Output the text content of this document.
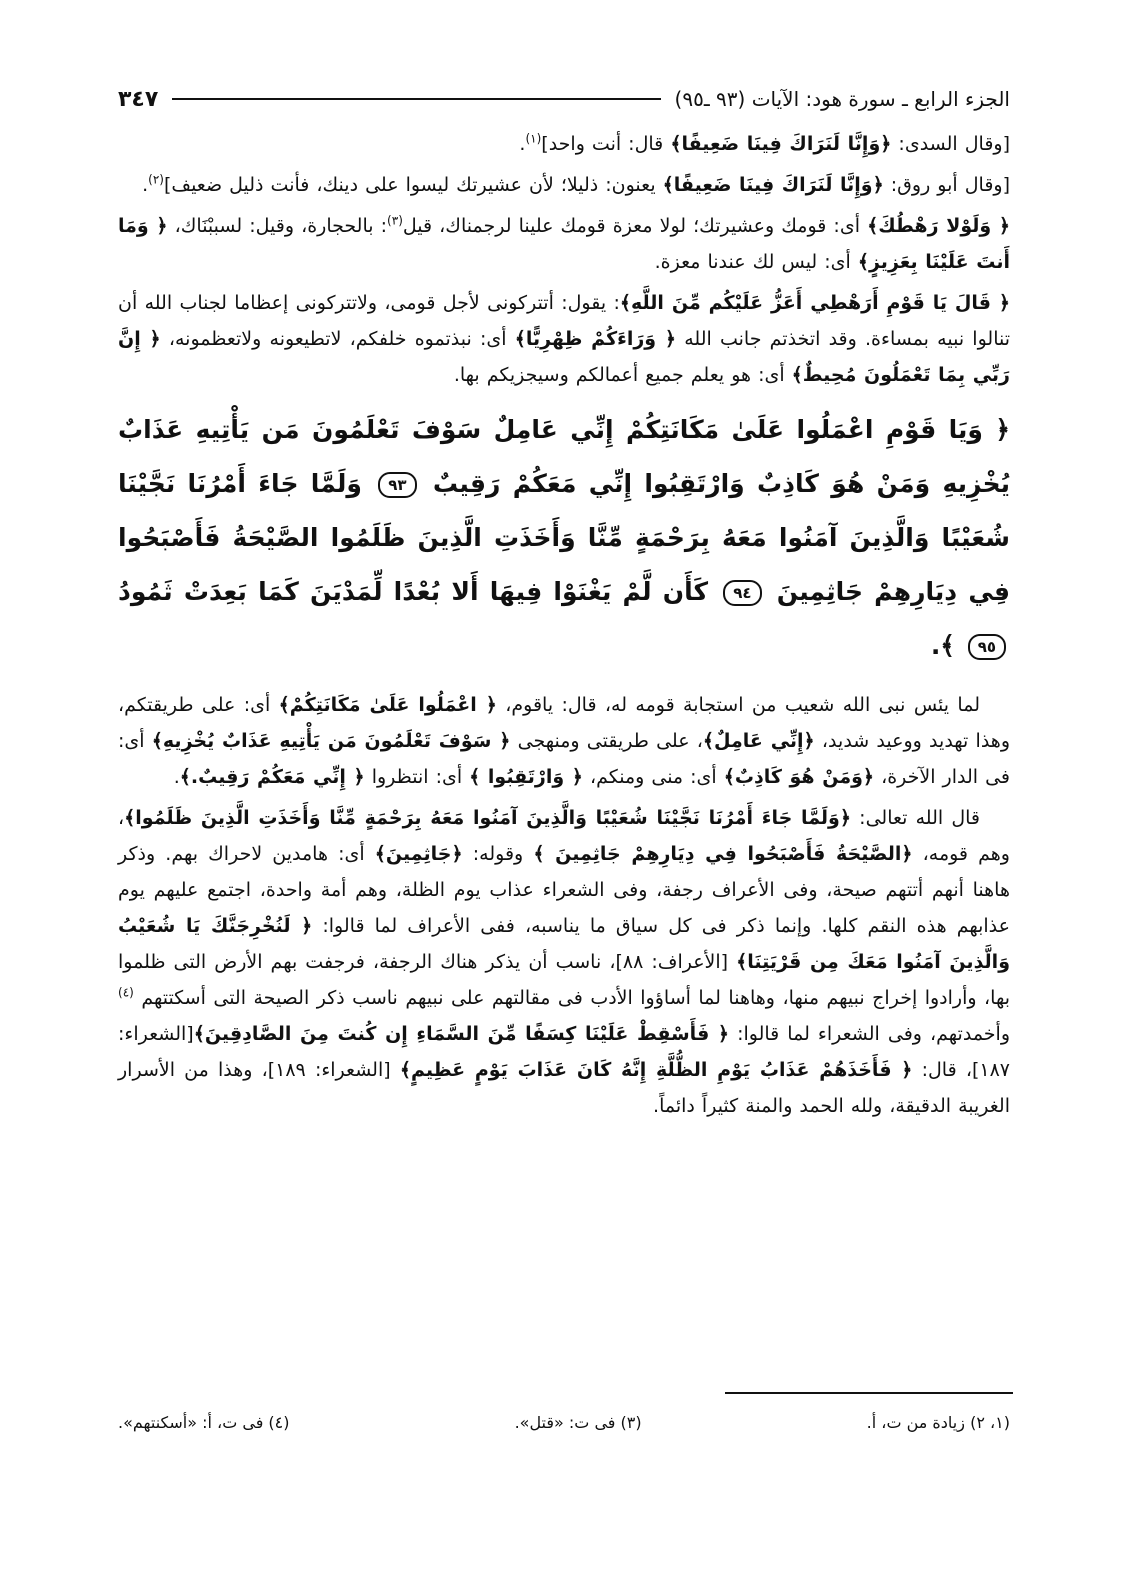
الجزء الرابع ـ سورة هود: الآيات (٩٣ ـ٩٥)
٣٤٧

[وقال السدى: ﴿وَإِنَّا لَنَرَاكَ فِينَا ضَعِيفًا﴾ قال: أنت واحد]$^{(١)}$.

[وقال أبو روق: ﴿وَإِنَّا لَنَرَاكَ فِينَا ضَعِيفًا﴾ يعنون: ذليلا؛ لأن عشيرتك ليسوا على دينك، فأنت ذليل ضعيف]$^{(٢)}$.

﴿ وَلَوْلا رَهْطُكَ﴾ أى: قومك وعشيرتك؛ لولا معزة قومك علينا لرجمناك، قيل$^{(٣)}$: بالحجارة، وقيل: لسببْنَاك، ﴿ وَمَا أَنتَ عَلَيْنَا بِعَزِيزٍ﴾ أى: ليس لك عندنا معزة.

﴿ قَالَ يَا قَوْمِ أَرَهْطِي أَعَزُّ عَلَيْكُم مِّنَ اللَّهِ﴾: يقول: أتتركونى لأجل قومى، ولاتتركونى إعظاما لجناب الله أن تنالوا نبيه بمساءة. وقد اتخذتم جانب الله ﴿ وَرَاءَكُمْ ظِهْرِيًّا﴾ أى: نبذتموه خلفكم، لاتطيعونه ولاتعظمونه، ﴿ إِنَّ رَبِّي بِمَا تَعْمَلُونَ مُحِيطٌ﴾ أى: هو يعلم جميع أعمالكم وسيجزيكم بها.

﴿ وَيَا قَوْمِ اعْمَلُوا عَلَىٰ مَكَانَتِكُمْ إِنِّي عَامِلٌ سَوْفَ تَعْلَمُونَ مَن يَأْتِيهِ عَذَابٌ يُخْزِيهِ وَمَنْ هُوَ كَاذِبٌ وَارْتَقِبُوا إِنِّي مَعَكُمْ رَقِيبٌ ٩٣ وَلَمَّا جَاءَ أَمْرُنَا نَجَّيْنَا شُعَيْبًا وَالَّذِينَ آمَنُوا مَعَهُ بِرَحْمَةٍ مِّنَّا وَأَخَذَتِ الَّذِينَ ظَلَمُوا الصَّيْحَةُ فَأَصْبَحُوا فِي دِيَارِهِمْ جَاثِمِينَ ٩٤ كَأَن لَّمْ يَغْنَوْا فِيهَا أَلا بُعْدًا لِّمَدْيَنَ كَمَا بَعِدَتْ ثَمُودُ ٩٥ ﴾.

لما يئس نبى الله شعيب من استجابة قومه له، قال: ياقوم، ﴿ اعْمَلُوا عَلَىٰ مَكَانَتِكُمْ﴾ أى: على طريقتكم، وهذا تهديد ووعيد شديد، ﴿إِنِّي عَامِلٌ﴾، على طريقتى ومنهجى ﴿ سَوْفَ تَعْلَمُونَ مَن يَأْتِيهِ عَذَابٌ يُخْزِيهِ﴾ أى: فى الدار الآخرة، ﴿وَمَنْ هُوَ كَاذِبٌ﴾ أى: منى ومنكم، ﴿ وَارْتَقِبُوا ﴾ أى: انتظروا ﴿ إِنِّي مَعَكُمْ رَقِيبٌ.﴾.

قال الله تعالى: ﴿وَلَمَّا جَاءَ أَمْرُنَا نَجَّيْنَا شُعَيْبًا وَالَّذِينَ آمَنُوا مَعَهُ بِرَحْمَةٍ مِّنَّا وَأَخَذَتِ الَّذِينَ ظَلَمُوا﴾، وهم قومه، ﴿الصَّيْحَةُ فَأَصْبَحُوا فِي دِيَارِهِمْ جَاثِمِينَ ﴾ وقوله: ﴿جَاثِمِينَ﴾ أى: هامدين لاحراك بهم. وذكر هاهنا أنهم أتتهم صيحة، وفى الأعراف رجفة، وفى الشعراء عذاب يوم الظلة، وهم أمة واحدة، اجتمع عليهم يوم عذابهم هذه النقم كلها. وإنما ذكر فى كل سياق ما يناسبه، ففى الأعراف لما قالوا: ﴿ لَنُخْرِجَنَّكَ يَا شُعَيْبُ وَالَّذِينَ آمَنُوا مَعَكَ مِن قَرْيَتِنَا﴾ [الأعراف: ٨٨]، ناسب أن يذكر هناك الرجفة، فرجفت بهم الأرض التى ظلموا بها، وأرادوا إخراج نبيهم منها، وهاهنا لما أساؤوا الأدب فى مقالتهم على نبيهم ناسب ذكر الصيحة التى أسكتتهم $^{(٤)}$ وأخمدتهم، وفى الشعراء لما قالوا: ﴿ فَأَسْقِطْ عَلَيْنَا كِسَفًا مِّنَ السَّمَاءِ إِن كُنتَ مِنَ الصَّادِقِينَ﴾[الشعراء: ١٨٧]، قال: ﴿ فَأَخَذَهُمْ عَذَابُ يَوْمِ الظُّلَّةِ إِنَّهُ كَانَ عَذَابَ يَوْمٍ عَظِيمٍ﴾ [الشعراء: ١٨٩]، وهذا من الأسرار الغريبة الدقيقة، ولله الحمد والمنة كثيراً دائماً.

(١، ٢) زيادة من ت، أ.
(٣) فى ت: «قتل».
(٤) فى ت، أ: «أسكنتهم».
